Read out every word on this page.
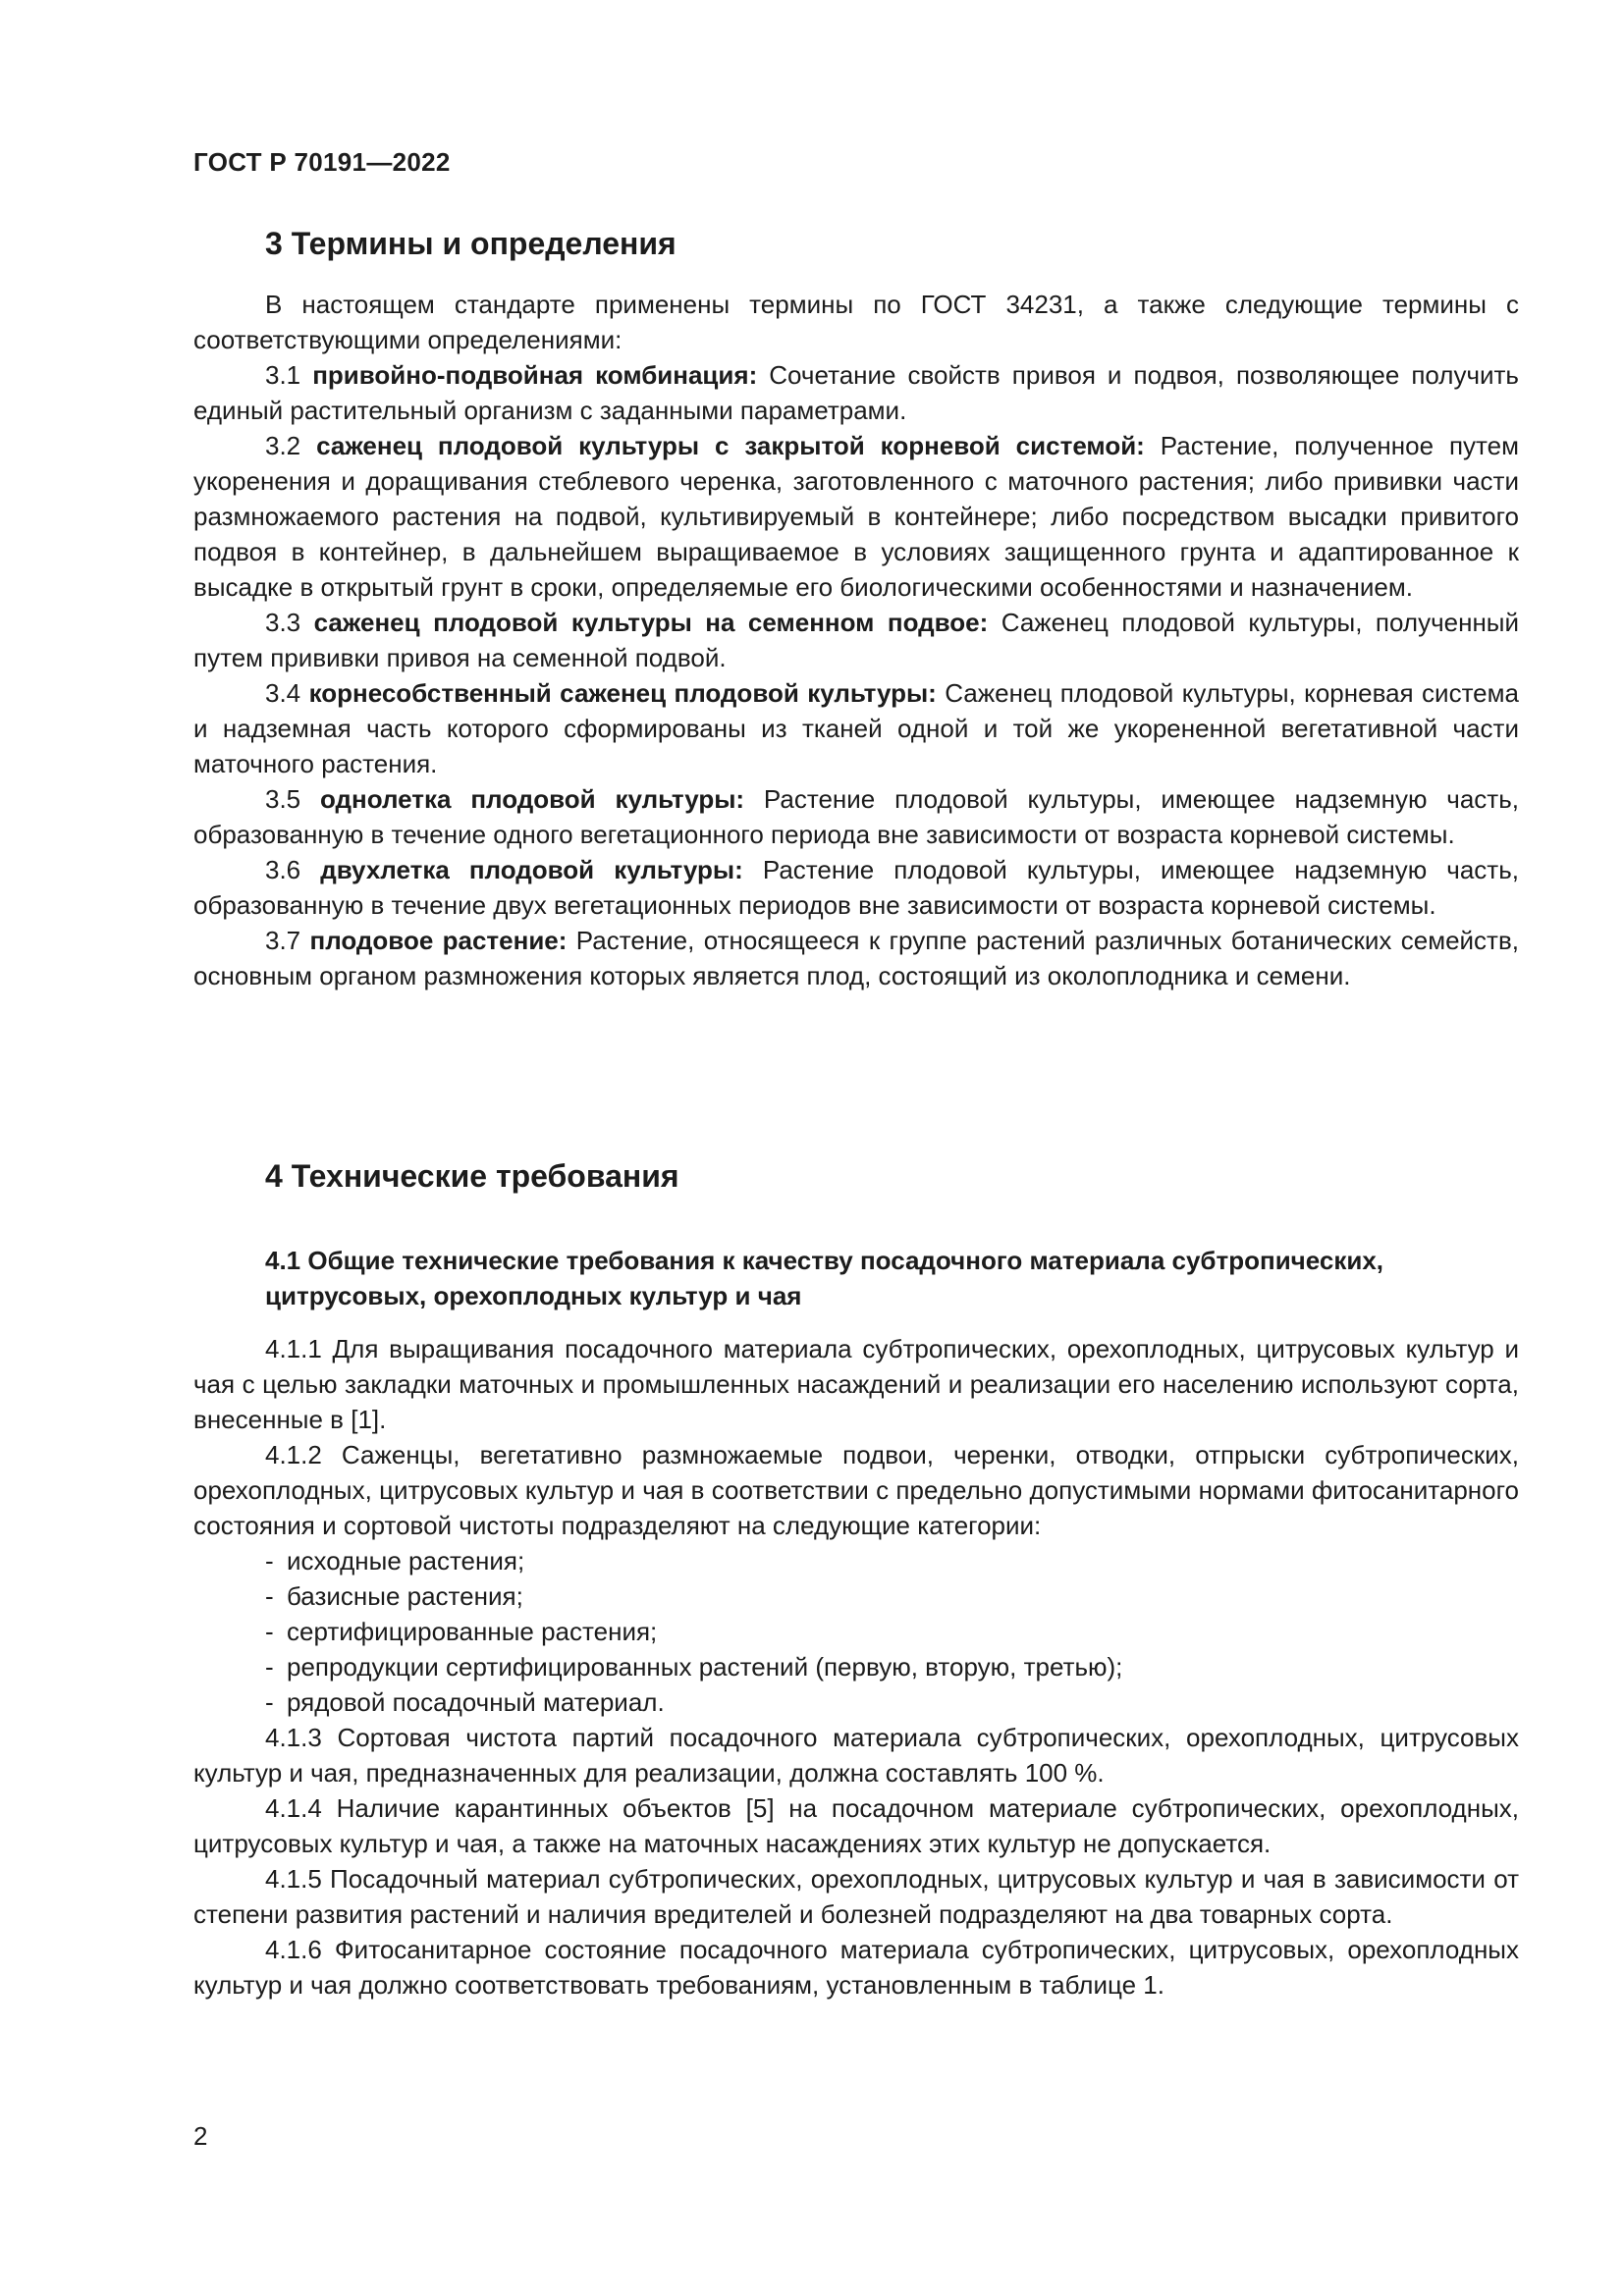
ГОСТ Р 70191—2022
3 Термины и определения

В настоящем стандарте применены термины по ГОСТ 34231, а также следующие термины с соответствующими определениями:

3.1 привойно-подвойная комбинация: Сочетание свойств привоя и подвоя, позволяющее получить единый растительный организм с заданными параметрами.

3.2 саженец плодовой культуры с закрытой корневой системой: Растение, полученное путем укоренения и доращивания стеблевого черенка, заготовленного с маточного растения; либо прививки части размножаемого растения на подвой, культивируемый в контейнере; либо посредством высадки привитого подвоя в контейнер, в дальнейшем выращиваемое в условиях защищенного грунта и адаптированное к высадке в открытый грунт в сроки, определяемые его биологическими особенностями и назначением.

3.3 саженец плодовой культуры на семенном подвое: Саженец плодовой культуры, полученный путем прививки привоя на семенной подвой.

3.4 корнесобственный саженец плодовой культуры: Саженец плодовой культуры, корневая система и надземная часть которого сформированы из тканей одной и той же укорененной вегетативной части маточного растения.

3.5 однолетка плодовой культуры: Растение плодовой культуры, имеющее надземную часть, образованную в течение одного вегетационного периода вне зависимости от возраста корневой системы.

3.6 двухлетка плодовой культуры: Растение плодовой культуры, имеющее надземную часть, образованную в течение двух вегетационных периодов вне зависимости от возраста корневой системы.

3.7 плодовое растение: Растение, относящееся к группе растений различных ботанических семейств, основным органом размножения которых является плод, состоящий из околоплодника и семени.

4 Технические требования
4.1 Общие технические требования к качеству посадочного материала субтропических,
цитрусовых, орехоплодных культур и чая

4.1.1 Для выращивания посадочного материала субтропических, орехоплодных, цитрусовых культур и чая с целью закладки маточных и промышленных насаждений и реализации его населению используют сорта, внесенные в [1].

4.1.2 Саженцы, вегетативно размножаемые подвои, черенки, отводки, отпрыски субтропических, орехоплодных, цитрусовых культур и чая в соответствии с предельно допустимыми нормами фитосанитарного состояния и сортовой чистоты подразделяют на следующие категории:

- исходные растения;

- базисные растения;

- сертифицированные растения;

- репродукции сертифицированных растений (первую, вторую, третью);

- рядовой посадочный материал.

4.1.3 Сортовая чистота партий посадочного материала субтропических, орехоплодных, цитрусовых культур и чая, предназначенных для реализации, должна составлять 100 %.

4.1.4 Наличие карантинных объектов [5] на посадочном материале субтропических, орехоплодных, цитрусовых культур и чая, а также на маточных насаждениях этих культур не допускается.

4.1.5 Посадочный материал субтропических, орехоплодных, цитрусовых культур и чая в зависимости от степени развития растений и наличия вредителей и болезней подразделяют на два товарных сорта.

4.1.6 Фитосанитарное состояние посадочного материала субтропических, цитрусовых, орехоплодных культур и чая должно соответствовать требованиям, установленным в таблице 1.

2
